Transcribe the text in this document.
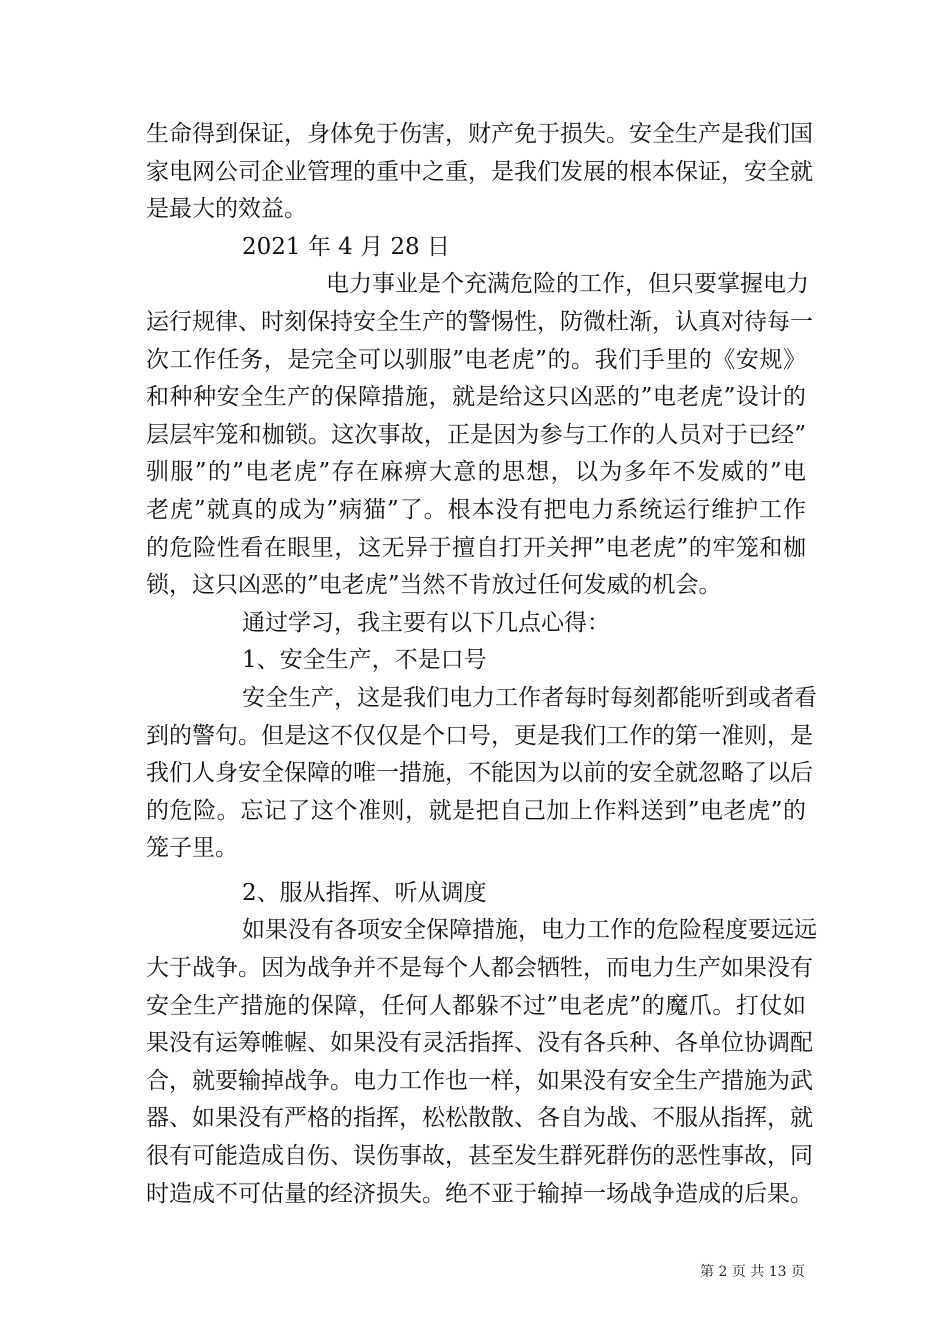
生命得到保证，身体免于伤害，财产免于损失。安全生产是我们国
家电网公司企业管理的重中之重，是我们发展的根本保证，安全就
是最大的效益。
2021 年 4 月 28 日
电力事业是个充满危险的工作，但只要掌握电力
运行规律、时刻保持安全生产的警惕性，防微杜渐，认真对待每一
次工作任务，是完全可以驯服”电老虎”的。我们手里的《安规》
和种种安全生产的保障措施，就是给这只凶恶的”电老虎”设计的
层层牢笼和枷锁。这次事故，正是因为参与工作的人员对于已经”
驯服”的”电老虎”存在麻痹大意的思想，以为多年不发威的”电
老虎”就真的成为”病猫”了。根本没有把电力系统运行维护工作
的危险性看在眼里，这无异于擅自打开关押”电老虎”的牢笼和枷
锁，这只凶恶的”电老虎”当然不肯放过任何发威的机会。
通过学习，我主要有以下几点心得：
1、安全生产，不是口号
安全生产，这是我们电力工作者每时每刻都能听到或者看
到的警句。但是这不仅仅是个口号，更是我们工作的第一准则，是
我们人身安全保障的唯一措施，不能因为以前的安全就忽略了以后
的危险。忘记了这个准则，就是把自己加上作料送到”电老虎”的
笼子里。
2、服从指挥、听从调度
如果没有各项安全保障措施，电力工作的危险程度要远远
大于战争。因为战争并不是每个人都会牺牲，而电力生产如果没有
安全生产措施的保障，任何人都躲不过”电老虎”的魔爪。打仗如
果没有运筹帷幄、如果没有灵活指挥、没有各兵种、各单位协调配
合，就要输掉战争。电力工作也一样，如果没有安全生产措施为武
器、如果没有严格的指挥，松松散散、各自为战、不服从指挥，就
很有可能造成自伤、误伤事故，甚至发生群死群伤的恶性事故，同
时造成不可估量的经济损失。绝不亚于输掉一场战争造成的后果。
第 2 页 共 13 页
